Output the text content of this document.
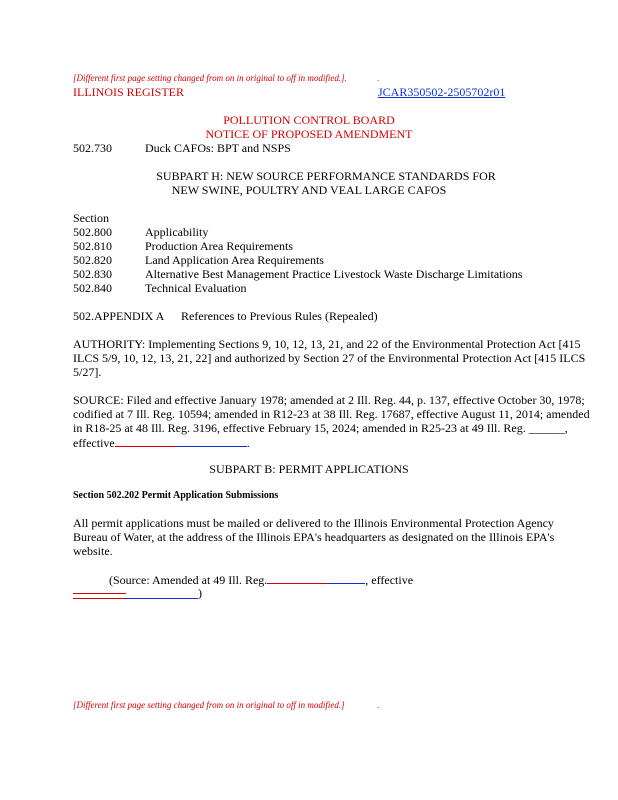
[Different first page setting changed from on in original to off in modified.].	.
ILLINOIS REGISTER	JCAR350502-2505702r01
POLLUTION CONTROL BOARD
NOTICE OF PROPOSED AMENDMENT
502.730	Duck CAFOs: BPT and NSPS
SUBPART H: NEW SOURCE PERFORMANCE STANDARDS FOR
NEW SWINE, POULTRY AND VEAL LARGE CAFOS
Section
502.800	Applicability
502.810	Production Area Requirements
502.820	Land Application Area Requirements
502.830	Alternative Best Management Practice Livestock Waste Discharge Limitations
502.840	Technical Evaluation
502.APPENDIX A References to Previous Rules (Repealed)
AUTHORITY: Implementing Sections 9, 10, 12, 13, 21, and 22 of the Environmental Protection Act [415 ILCS 5/9, 10, 12, 13, 21, 22] and authorized by Section 27 of the Environmental Protection Act [415 ILCS 5/27].
SOURCE: Filed and effective January 1978; amended at 2 Ill. Reg. 44, p. 137, effective October 30, 1978; codified at 7 Ill. Reg. 10594; amended in R12-23 at 38 Ill. Reg. 17687, effective August 11, 2014; amended in R18-25 at 48 Ill. Reg. 3196, effective February 15, 2024; amended in R25-23 at 49 Ill. Reg. ______, effective	.
SUBPART B: PERMIT APPLICATIONS
Section 502.202 Permit Application Submissions
All permit applications must be mailed or delivered to the Illinois Environmental Protection Agency Bureau of Water, at the address of the Illinois EPA's headquarters as designated on the Illinois EPA's website.
(Source: Amended at 49 Ill. Reg.	, effective
)
[Different first page setting changed from on in original to off in modified.]	.
